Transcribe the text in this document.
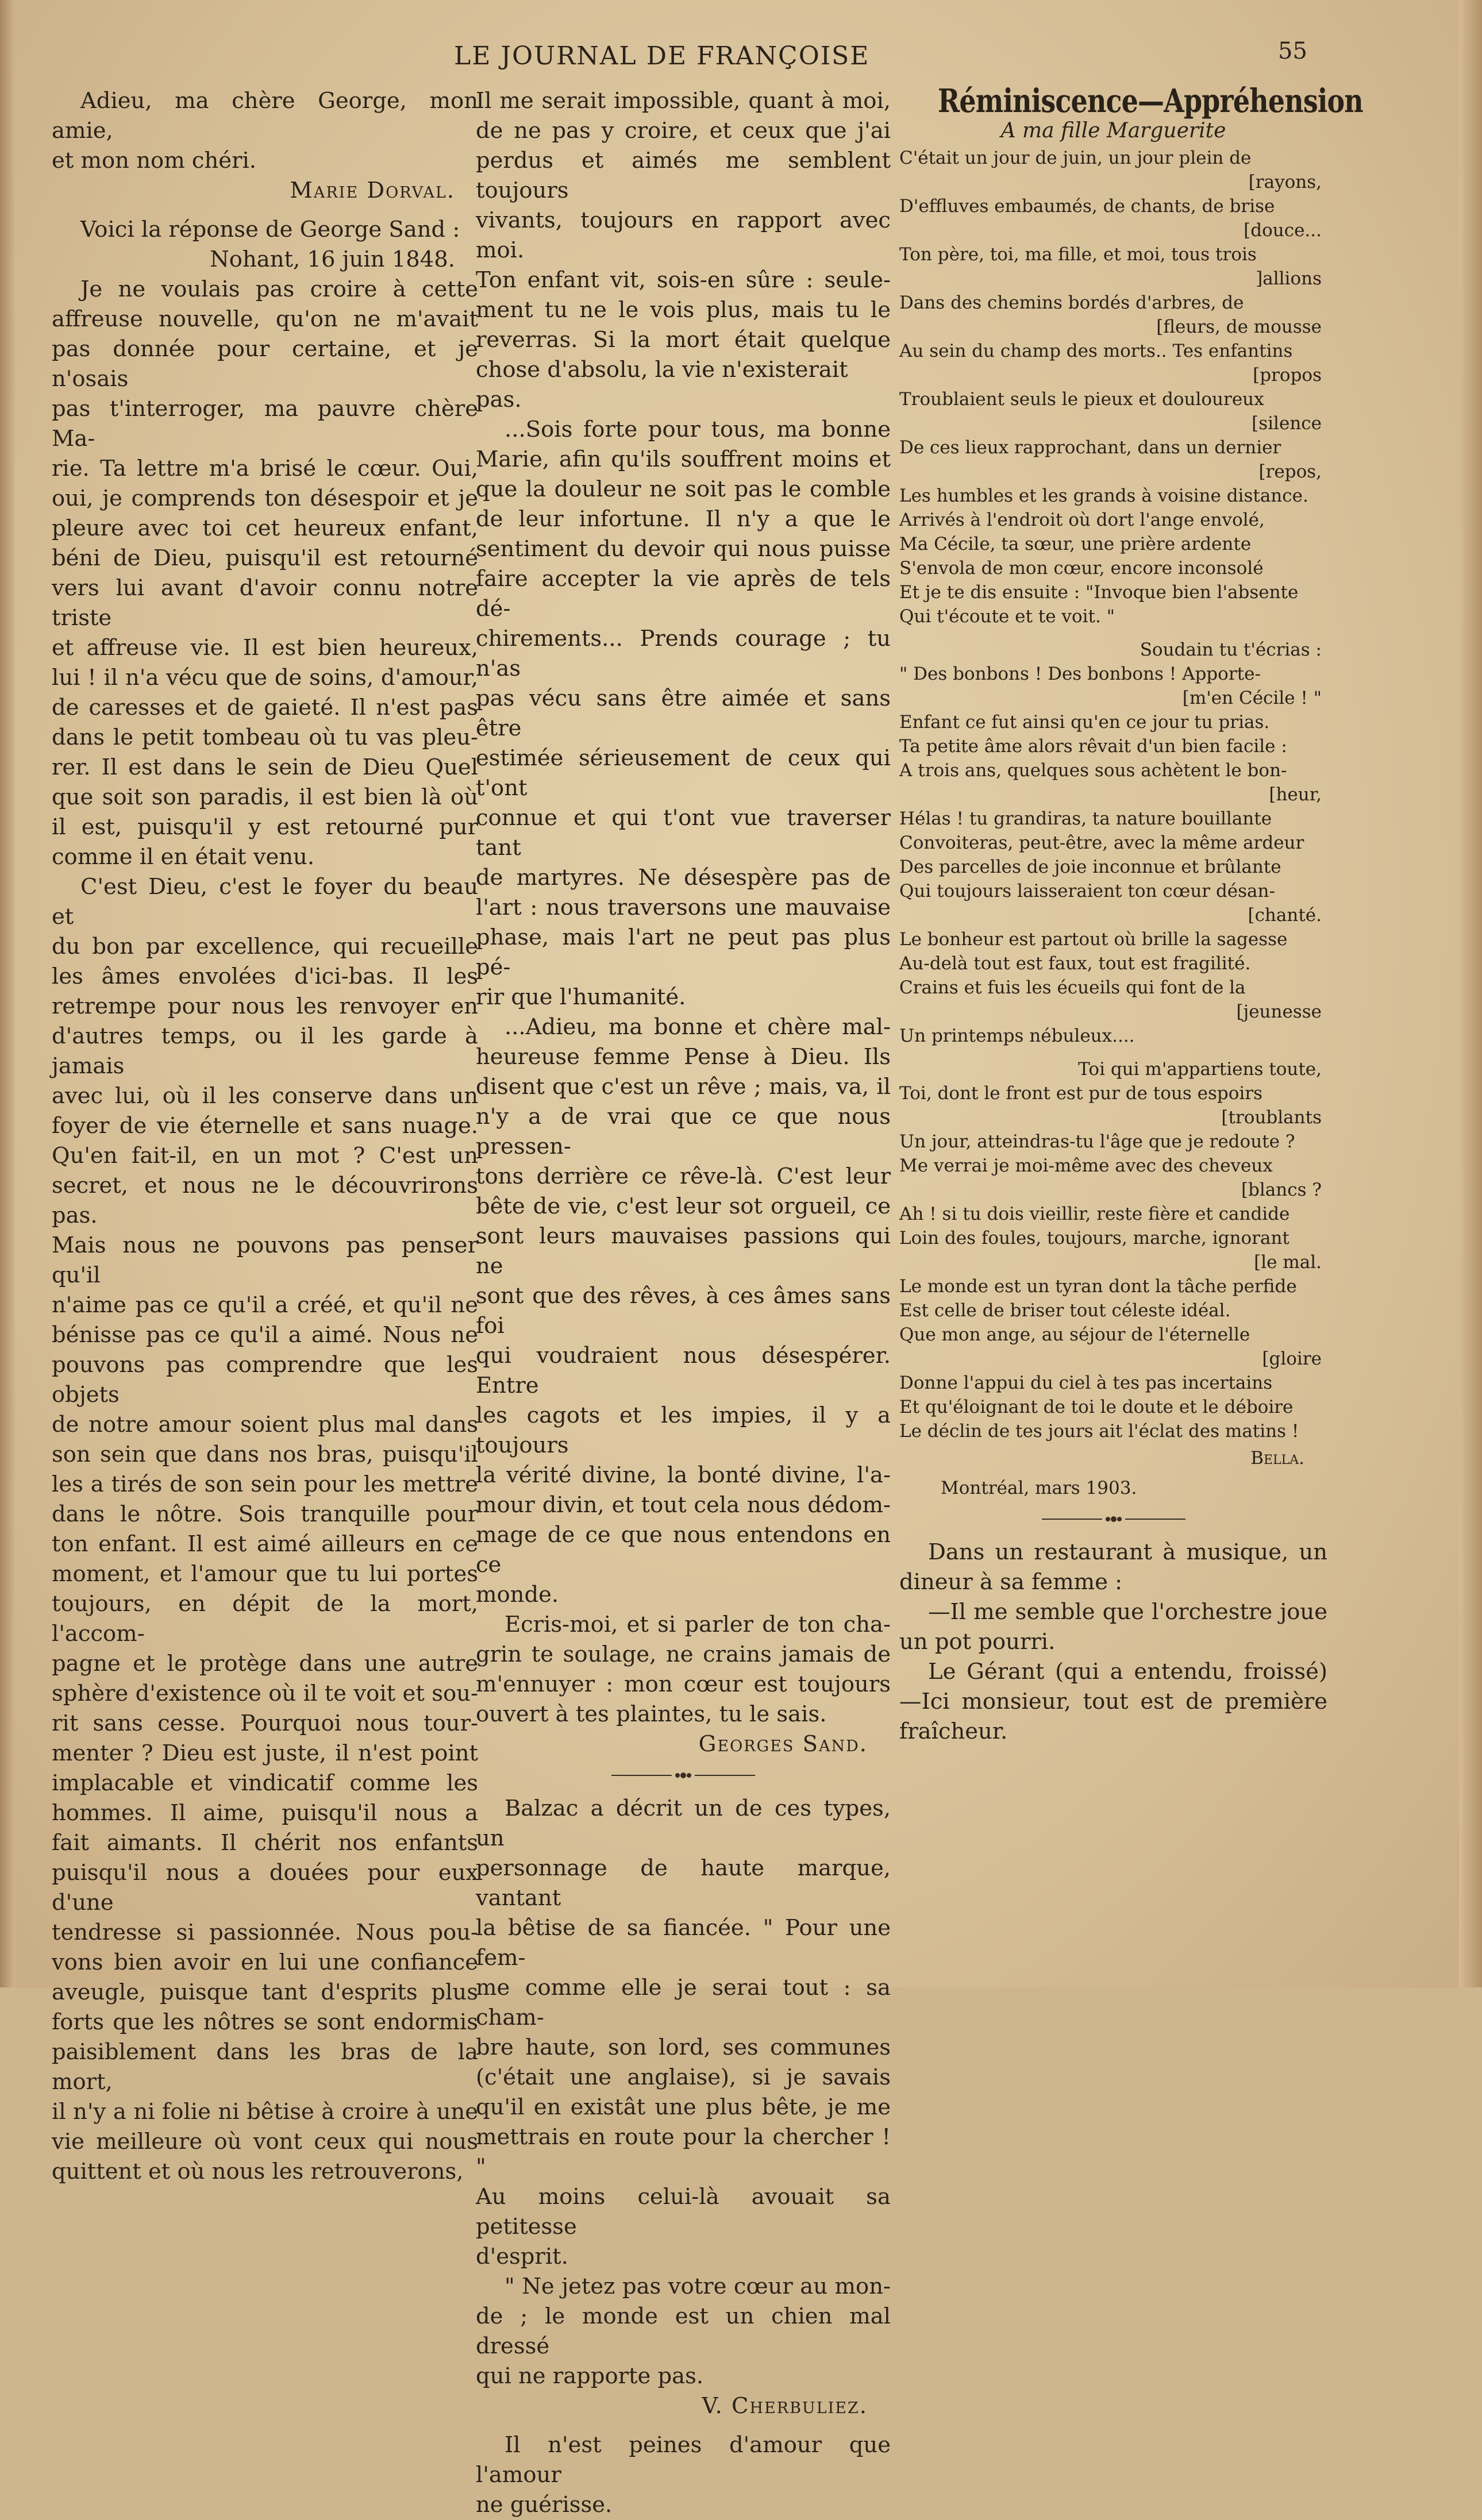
LE JOURNAL DE FRANÇOISE	55

Adieu, ma chère George, mon amie,

et mon nom chéri.

Marie Dorval.

Voici la réponse de George Sand :

Nohant, 16 juin 1848.

Je ne voulais pas croire à cette

affreuse nouvelle, qu'on ne m'avait

pas donnée pour certaine, et je n'osais

pas t'interroger, ma pauvre chère Ma-

rie. Ta lettre m'a brisé le cœur. Oui,

oui, je comprends ton désespoir et je

pleure avec toi cet heureux enfant,

béni de Dieu, puisqu'il est retourné

vers lui avant d'avoir connu notre triste

et affreuse vie. Il est bien heureux,

lui ! il n'a vécu que de soins, d'amour,

de caresses et de gaieté. Il n'est pas

dans le petit tombeau où tu vas pleu-

rer. Il est dans le sein de Dieu Quel

que soit son paradis, il est bien là où

il est, puisqu'il y est retourné pur

comme il en était venu.

C'est Dieu, c'est le foyer du beau et

du bon par excellence, qui recueille

les âmes envolées d'ici-bas. Il les

retrempe pour nous les renvoyer en

d'autres temps, ou il les garde à jamais

avec lui, où il les conserve dans un

foyer de vie éternelle et sans nuage.

Qu'en fait-il, en un mot ? C'est un

secret, et nous ne le découvrirons pas.

Mais nous ne pouvons pas penser qu'il

n'aime pas ce qu'il a créé, et qu'il ne

bénisse pas ce qu'il a aimé. Nous ne

pouvons pas comprendre que les objets

de notre amour soient plus mal dans

son sein que dans nos bras, puisqu'il

les a tirés de son sein pour les mettre

dans le nôtre. Sois tranquille pour

ton enfant. Il est aimé ailleurs en ce

moment, et l'amour que tu lui portes

toujours, en dépit de la mort, l'accom-

pagne et le protège dans une autre

sphère d'existence où il te voit et sou-

rit sans cesse. Pourquoi nous tour-

menter ? Dieu est juste, il n'est point

implacable et vindicatif comme les

hommes. Il aime, puisqu'il nous a

fait aimants. Il chérit nos enfants

puisqu'il nous a douées pour eux d'une

tendresse si passionnée. Nous pou-

vons bien avoir en lui une confiance

aveugle, puisque tant d'esprits plus

forts que les nôtres se sont endormis

paisiblement dans les bras de la mort,

il n'y a ni folie ni bêtise à croire à une

vie meilleure où vont ceux qui nous

quittent et où nous les retrouverons,

Il me serait impossible, quant à moi,

de ne pas y croire, et ceux que j'ai

perdus et aimés me semblent toujours

vivants, toujours en rapport avec moi.

Ton enfant vit, sois-en sûre : seule-

ment tu ne le vois plus, mais tu le

reverras. Si la mort était quelque

chose d'absolu, la vie n'existerait pas.

...Sois forte pour tous, ma bonne

Marie, afin qu'ils souffrent moins et

que la douleur ne soit pas le comble

de leur infortune. Il n'y a que le

sentiment du devoir qui nous puisse

faire accepter la vie après de tels dé-

chirements... Prends courage ; tu n'as

pas vécu sans être aimée et sans être

estimée sérieusement de ceux qui t'ont

connue et qui t'ont vue traverser tant

de martyres. Ne désespère pas de

l'art : nous traversons une mauvaise

phase, mais l'art ne peut pas plus pé-

rir que l'humanité.

...Adieu, ma bonne et chère mal-

heureuse femme Pense à Dieu. Ils

disent que c'est un rêve ; mais, va, il

n'y a de vrai que ce que nous pressen-

tons derrière ce rêve-là. C'est leur

bête de vie, c'est leur sot orgueil, ce

sont leurs mauvaises passions qui ne

sont que des rêves, à ces âmes sans foi

qui voudraient nous désespérer. Entre

les cagots et les impies, il y a toujours

la vérité divine, la bonté divine, l'a-

mour divin, et tout cela nous dédom-

mage de ce que nous entendons en ce

monde.

Ecris-moi, et si parler de ton cha-

grin te soulage, ne crains jamais de

m'ennuyer : mon cœur est toujours

ouvert à tes plaintes, tu le sais.

Georges Sand.

Balzac a décrit un de ces types, un

personnage de haute marque, vantant

la bêtise de sa fiancée. " Pour une fem-

me comme elle je serai tout : sa cham-

bre haute, son lord, ses communes

(c'était une anglaise), si je savais

qu'il en existât une plus bête, je me

mettrais en route pour la chercher ! "

Au moins celui-là avouait sa petitesse

d'esprit.

" Ne jetez pas votre cœur au mon-

de ; le monde est un chien mal dressé

qui ne rapporte pas.

V. Cherbuliez.

Il n'est peines d'amour que l'amour

ne guérisse.

Réminiscence—Appréhension

A ma fille Marguerite

C'était un jour de juin, un jour plein de

[rayons,

D'effluves embaumés, de chants, de brise

[douce...

Ton père, toi, ma fille, et moi, tous trois

]allions

Dans des chemins bordés d'arbres, de

[fleurs, de mousse

Au sein du champ des morts.. Tes enfantins

[propos

Troublaient seuls le pieux et douloureux

[silence

De ces lieux rapprochant, dans un dernier

[repos,

Les humbles et les grands à voisine distance.

Arrivés à l'endroit où dort l'ange envolé,

Ma Cécile, ta sœur, une prière ardente

S'envola de mon cœur, encore inconsolé

Et je te dis ensuite : "Invoque bien l'absente

Qui t'écoute et te voit. "

Soudain tu t'écrias :

" Des bonbons ! Des bonbons ! Apporte-

[m'en Cécile ! "

Enfant ce fut ainsi qu'en ce jour tu prias.

Ta petite âme alors rêvait d'un bien facile :

A trois ans, quelques sous achètent le bon-

[heur,

Hélas ! tu grandiras, ta nature bouillante

Convoiteras, peut-être, avec la même ardeur

Des parcelles de joie inconnue et brûlante

Qui toujours laisseraient ton cœur désan-

[chanté.

Le bonheur est partout où brille la sagesse

Au-delà tout est faux, tout est fragilité.

Crains et fuis les écueils qui font de la

[jeunesse

Un printemps nébuleux....

Toi qui m'appartiens toute,

Toi, dont le front est pur de tous espoirs

[troublants

Un jour, atteindras-tu l'âge que je redoute ?

Me verrai je moi-même avec des cheveux

[blancs ?

Ah ! si tu dois vieillir, reste fière et candide

Loin des foules, toujours, marche, ignorant

[le mal.

Le monde est un tyran dont la tâche perfide

Est celle de briser tout céleste idéal.

Que mon ange, au séjour de l'éternelle

[gloire

Donne l'appui du ciel à tes pas incertains

Et qu'éloignant de toi le doute et le déboire

Le déclin de tes jours ait l'éclat des matins !

Bella.

Montréal, mars 1903.

Dans un restaurant à musique, un

dineur à sa femme :

—Il me semble que l'orchestre joue

un pot pourri.

Le Gérant (qui a entendu, froissé)

—Ici monsieur, tout est de première

fraîcheur.
